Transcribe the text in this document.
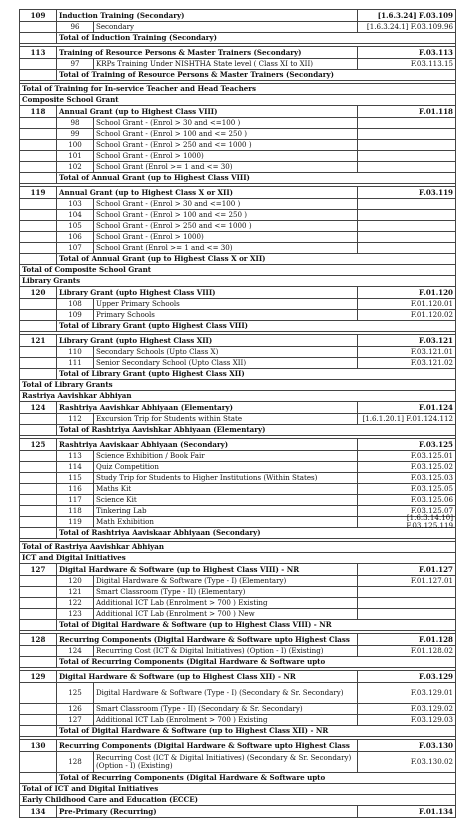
109	Induction Training (Secondary)	[1.6.3.24] F.03.109
96	Secondary	[1.6.3.24.1] F.03.109.96
Total of Induction Training (Secondary)
113	Training of Resource Persons & Master Trainers (Secondary)	F.03.113
97	KRPs Training Under NISHTHA State level ( Class XI to XII)	F.03.113.15
Total of Training of Resource Persons & Master Trainers (Secondary)
Total of Training for In-service Teacher and Head Teachers
Composite School Grant
118	Annual Grant (up to Highest Class VIII)	F.01.118
98	School Grant - (Enrol > 30 and <=100 )
99	School Grant - (Enrol > 100 and <= 250 )
100	School Grant - (Enrol > 250 and <= 1000 )
101	School Grant - (Enrol > 1000)
102	School Grant (Enrol >= 1 and <= 30)
Total of Annual Grant (up to Highest Class VIII)
119	Annual Grant (up to Highest Class X or XII)	F.03.119
103	School Grant - (Enrol > 30 and <=100 )
104	School Grant - (Enrol > 100 and <= 250 )
105	School Grant - (Enrol > 250 and <= 1000 )
106	School Grant - (Enrol > 1000)
107	School Grant (Enrol >= 1 and <= 30)
Total of Annual Grant (up to Highest Class X or XII)
Total of Composite School Grant
Library Grants
120	Library Grant (upto Highest Class VIII)	F.01.120
108	Upper Primary Schools	F.01.120.01
109	Primary Schools	F.01.120.02
Total of Library Grant (upto Highest Class VIII)
121	Library Grant (upto Highest Class XII)	F.03.121
110	Secondary Schools (Upto Class X)	F.03.121.01
111	Senior Secondary School (Upto Class XII)	F.03.121.02
Total of Library Grant (upto Highest Class XII)
Total of Library Grants
Rastriya Aavishkar Abhiyan
124	Rashtriya Aavishkar Abhiyaan (Elementary)	F.01.124
112	Excursion Trip for Students within State	[1.6.1.20.1] F.01.124.112
Total of Rashtriya Aavishkar Abhiyaan (Elementary)
125	Rashtriya Aaviskaar Abhiyaan (Secondary)	F.03.125
113	Science Exhibition / Book Fair	F.03.125.01
114	Quiz Competition	F.03.125.02
115	Study Trip for Students to Higher Institutions (Within States)	F.03.125.03
116	Maths Kit	F.03.125.05
117	Science Kit	F.03.125.06
118	Tinkering Lab	F.03.125.07
119	Math Exhibition	[1.6.3.14.10] F.03.125.119
Total of Rashtriya Aaviskaar Abhiyaan (Secondary)
Total of Rastriya Aavishkar Abhiyan
ICT and Digital Initiatives
127	Digital Hardware & Software (up to Highest Class VIII) - NR	F.01.127
120	Digital Hardware & Software (Type - I) (Elementary)	F.01.127.01
121	Smart Classroom (Type - II) (Elementary)
122	Additional ICT Lab (Enrolment > 700 ) Existing
123	Additional ICT Lab (Enrolment > 700 ) New
Total of Digital Hardware & Software (up to Highest Class VIII) - NR
128	Recurring Components (Digital Hardware & Software upto Highest Class	F.01.128
124	Recurring Cost (ICT & Digital Initiatives) (Option - I) (Existing)	F.01.128.02
Total of Recurring Components (Digital Hardware & Software upto
129	Digital Hardware & Software (up to Highest Class XII) - NR	F.03.129
125	Digital Hardware & Software (Type - I) (Secondary & Sr. Secondary)	F.03.129.01
126	Smart Classroom (Type - II) (Secondary & Sr. Secondary)	F.03.129.02
127	Additional ICT Lab (Enrolment > 700 ) Existing	F.03.129.03
Total of Digital Hardware & Software (up to Highest Class XII) - NR
130	Recurring Components (Digital Hardware & Software upto Highest Class	F.03.130
128	Recurring Cost (ICT & Digital Initiatives) (Secondary & Sr. Secondary) (Option - I) (Existing)	F.03.130.02
Total of Recurring Components (Digital Hardware & Software upto
Total of ICT and Digital Initiatives
Early Childhood Care and Education (ECCE)
134	Pre-Primary (Recurring)	F.01.134
